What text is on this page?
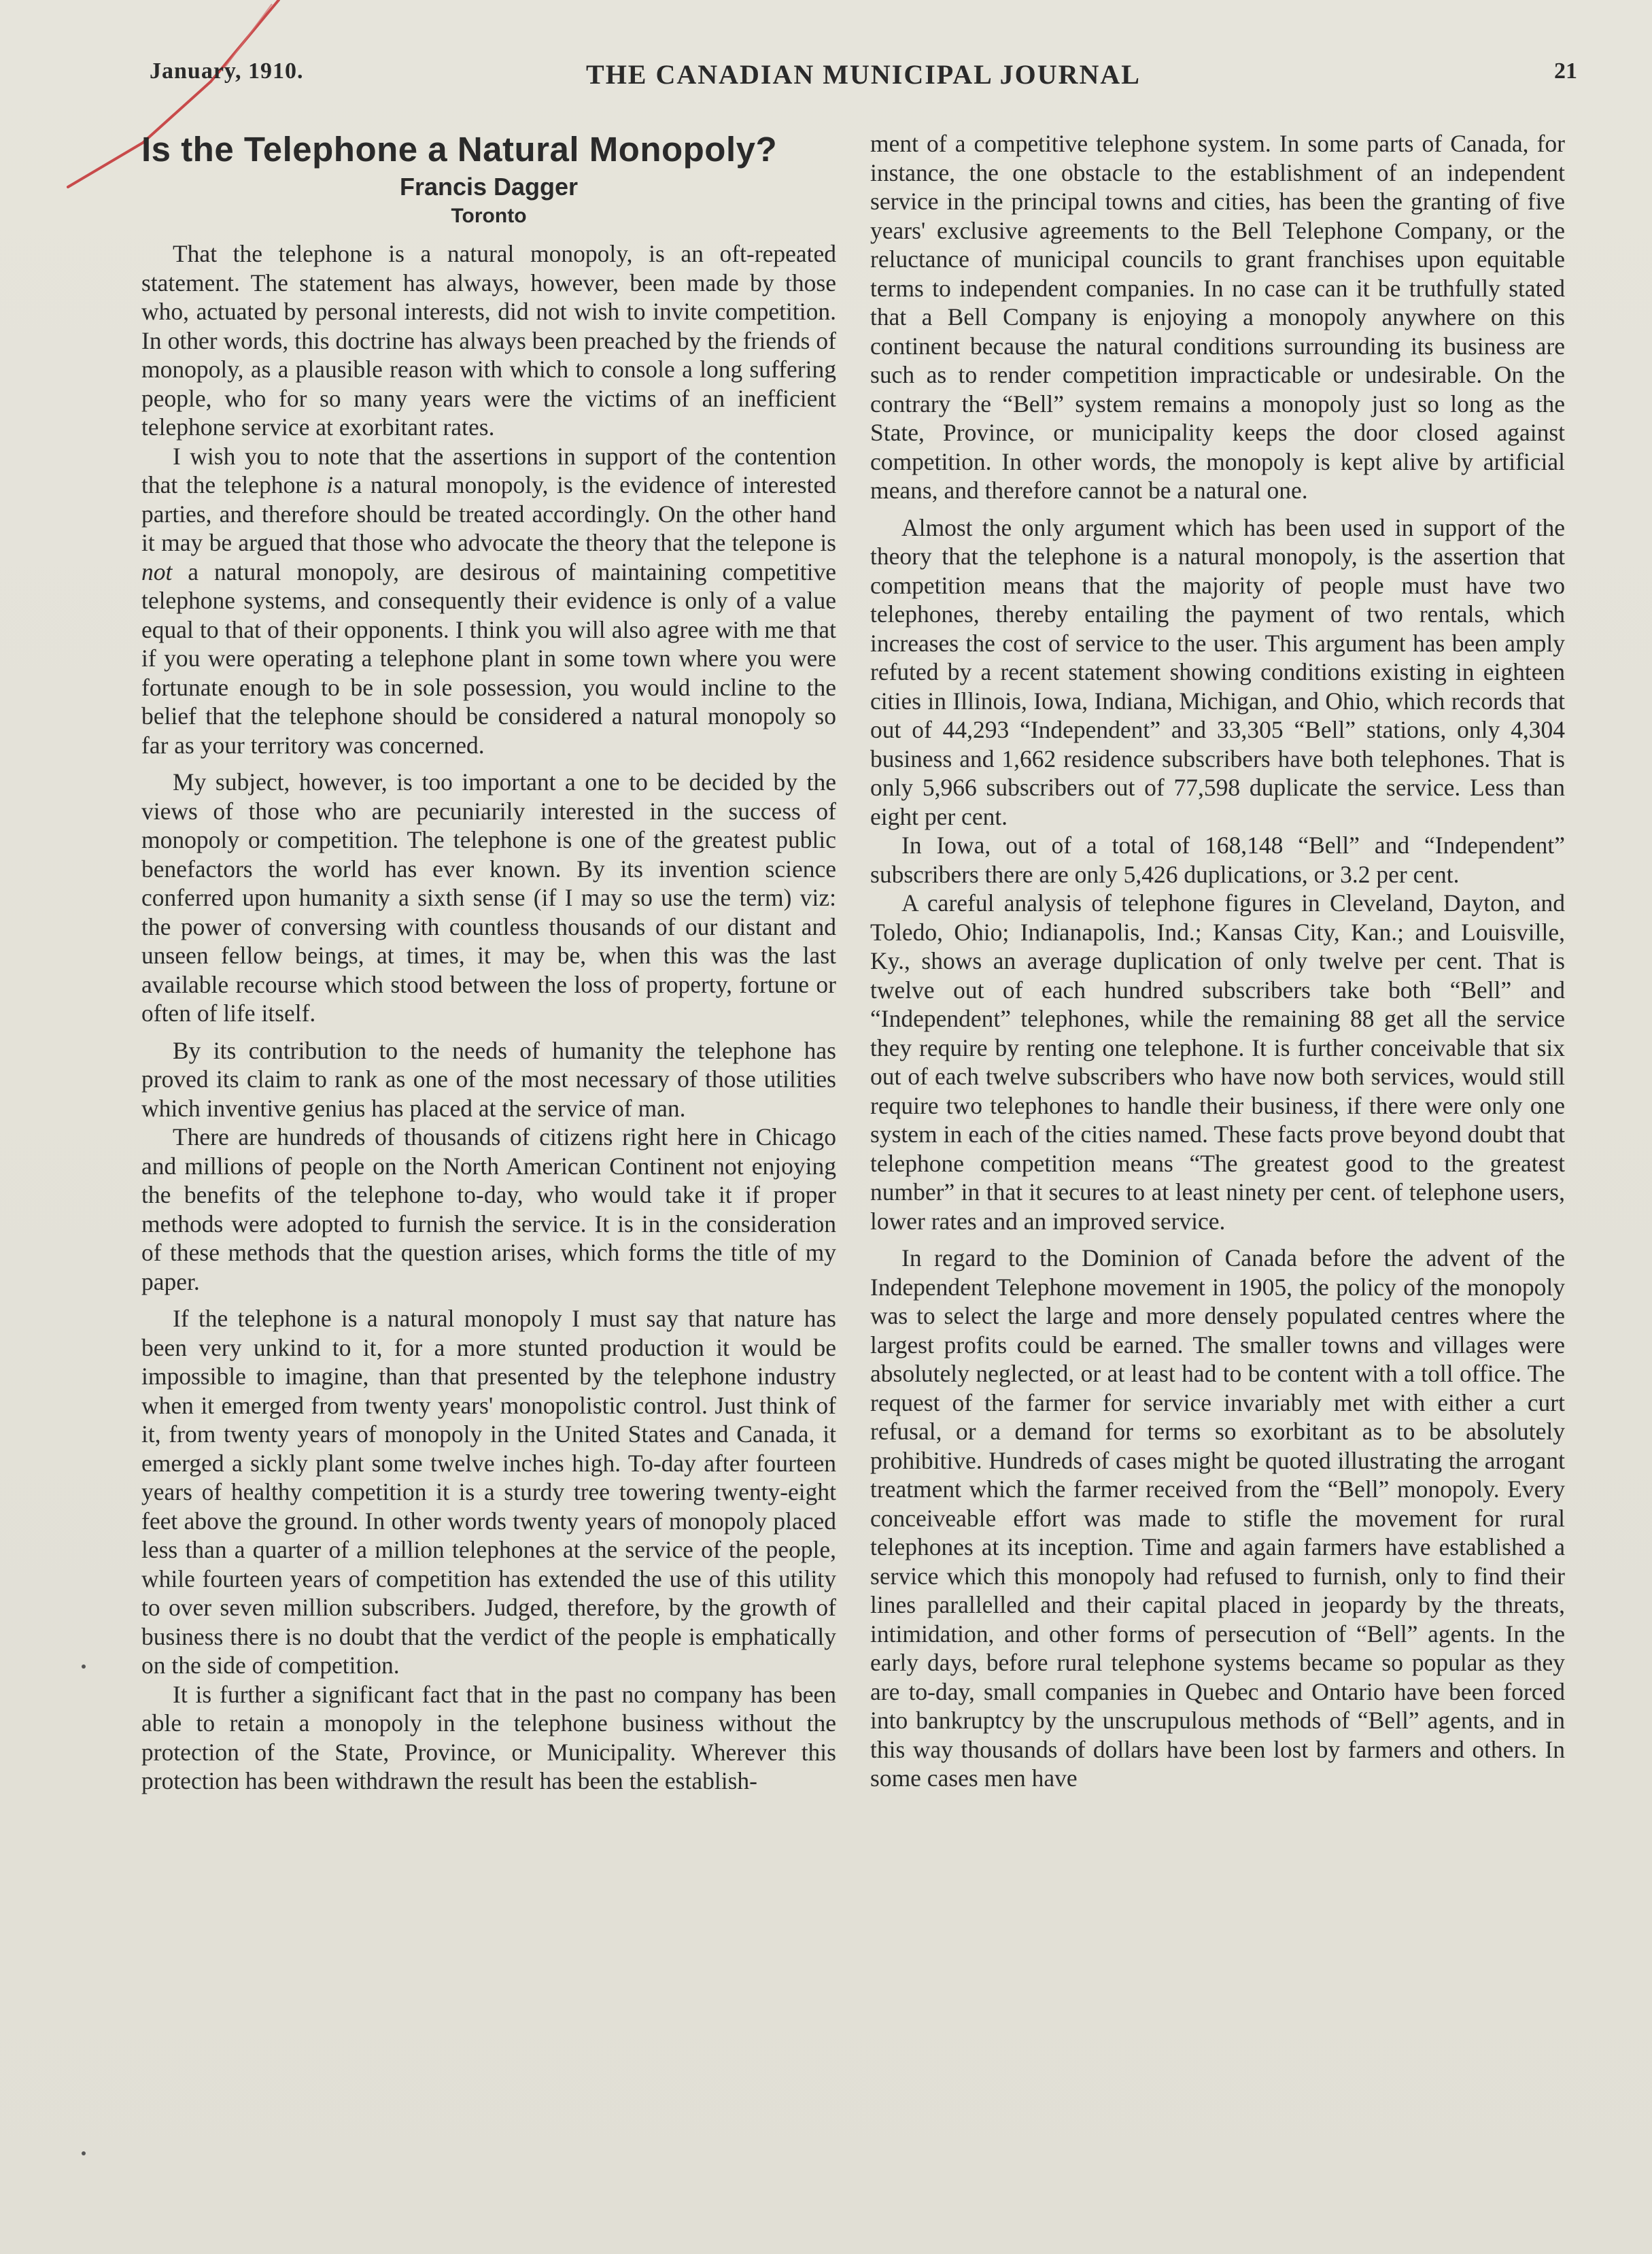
January, 1910.	THE CANADIAN MUNICIPAL JOURNAL	21
Is the Telephone a Natural Monopoly?
Francis Dagger
Toronto

That the telephone is a natural monopoly, is an oft-repeated statement. The statement has always, however, been made by those who, actuated by personal interests, did not wish to invite competition. In other words, this doctrine has always been preached by the friends of monopoly, as a plausible reason with which to console a long suffering people, who for so many years were the victims of an inefficient telephone service at exorbitant rates.

I wish you to note that the assertions in support of the contention that the telephone is a natural monopoly, is the evidence of interested parties, and therefore should be treated accordingly. On the other hand it may be argued that those who advocate the theory that the telepone is not a natural monopoly, are desirous of maintaining competitive telephone systems, and consequently their evidence is only of a value equal to that of their opponents. I think you will also agree with me that if you were operating a telephone plant in some town where you were fortunate enough to be in sole possession, you would incline to the belief that the telephone should be considered a natural monopoly so far as your territory was concerned.

My subject, however, is too important a one to be decided by the views of those who are pecuniarily interested in the success of monopoly or competition. The telephone is one of the greatest public benefactors the world has ever known. By its invention science conferred upon humanity a sixth sense (if I may so use the term) viz: the power of conversing with countless thousands of our distant and unseen fellow beings, at times, it may be, when this was the last available recourse which stood between the loss of property, fortune or often of life itself.

By its contribution to the needs of humanity the telephone has proved its claim to rank as one of the most necessary of those utilities which inventive genius has placed at the service of man.

There are hundreds of thousands of citizens right here in Chicago and millions of people on the North American Continent not enjoying the benefits of the telephone to-day, who would take it if proper methods were adopted to furnish the service. It is in the consideration of these methods that the question arises, which forms the title of my paper.

If the telephone is a natural monopoly I must say that nature has been very unkind to it, for a more stunted production it would be impossible to imagine, than that presented by the telephone industry when it emerged from twenty years' monopolistic control. Just think of it, from twenty years of monopoly in the United States and Canada, it emerged a sickly plant some twelve inches high. To-day after fourteen years of healthy competition it is a sturdy tree towering twenty-eight feet above the ground. In other words twenty years of monopoly placed less than a quarter of a million telephones at the service of the people, while fourteen years of competition has extended the use of this utility to over seven million subscribers. Judged, therefore, by the growth of business there is no doubt that the verdict of the people is emphatically on the side of competition.

It is further a significant fact that in the past no company has been able to retain a monopoly in the telephone business without the protection of the State, Province, or Municipality. Wherever this protection has been withdrawn the result has been the establish-

ment of a competitive telephone system. In some parts of Canada, for instance, the one obstacle to the establishment of an independent service in the principal towns and cities, has been the granting of five years' exclusive agreements to the Bell Telephone Company, or the reluctance of municipal councils to grant franchises upon equitable terms to independent companies. In no case can it be truthfully stated that a Bell Company is enjoying a monopoly anywhere on this continent because the natural conditions surrounding its business are such as to render competition impracticable or undesirable. On the contrary the “Bell” system remains a monopoly just so long as the State, Province, or municipality keeps the door closed against competition. In other words, the monopoly is kept alive by artificial means, and therefore cannot be a natural one.

Almost the only argument which has been used in support of the theory that the telephone is a natural monopoly, is the assertion that competition means that the majority of people must have two telephones, thereby entailing the payment of two rentals, which increases the cost of service to the user. This argument has been amply refuted by a recent statement showing conditions existing in eighteen cities in Illinois, Iowa, Indiana, Michigan, and Ohio, which records that out of 44,293 “Independent” and 33,305 “Bell” stations, only 4,304 business and 1,662 residence subscribers have both telephones. That is only 5,966 subscribers out of 77,598 duplicate the service. Less than eight per cent.

In Iowa, out of a total of 168,148 “Bell” and “Independent” subscribers there are only 5,426 duplications, or 3.2 per cent.

A careful analysis of telephone figures in Cleveland, Dayton, and Toledo, Ohio; Indianapolis, Ind.; Kansas City, Kan.; and Louisville, Ky., shows an average duplication of only twelve per cent. That is twelve out of each hundred subscribers take both “Bell” and “Independent” telephones, while the remaining 88 get all the service they require by renting one telephone. It is further conceivable that six out of each twelve subscribers who have now both services, would still require two telephones to handle their business, if there were only one system in each of the cities named. These facts prove beyond doubt that telephone competition means “The greatest good to the greatest number” in that it secures to at least ninety per cent. of telephone users, lower rates and an improved service.

In regard to the Dominion of Canada before the advent of the Independent Telephone movement in 1905, the policy of the monopoly was to select the large and more densely populated centres where the largest profits could be earned. The smaller towns and villages were absolutely neglected, or at least had to be content with a toll office. The request of the farmer for service invariably met with either a curt refusal, or a demand for terms so exorbitant as to be absolutely prohibitive. Hundreds of cases might be quoted illustrating the arrogant treatment which the farmer received from the “Bell” monopoly. Every conceiveable effort was made to stifle the movement for rural telephones at its inception. Time and again farmers have established a service which this monopoly had refused to furnish, only to find their lines parallelled and their capital placed in jeopardy by the threats, intimidation, and other forms of persecution of “Bell” agents. In the early days, before rural telephone systems became so popular as they are to-day, small companies in Quebec and Ontario have been forced into bankruptcy by the unscrupulous methods of “Bell” agents, and in this way thousands of dollars have been lost by farmers and others. In some cases men have
